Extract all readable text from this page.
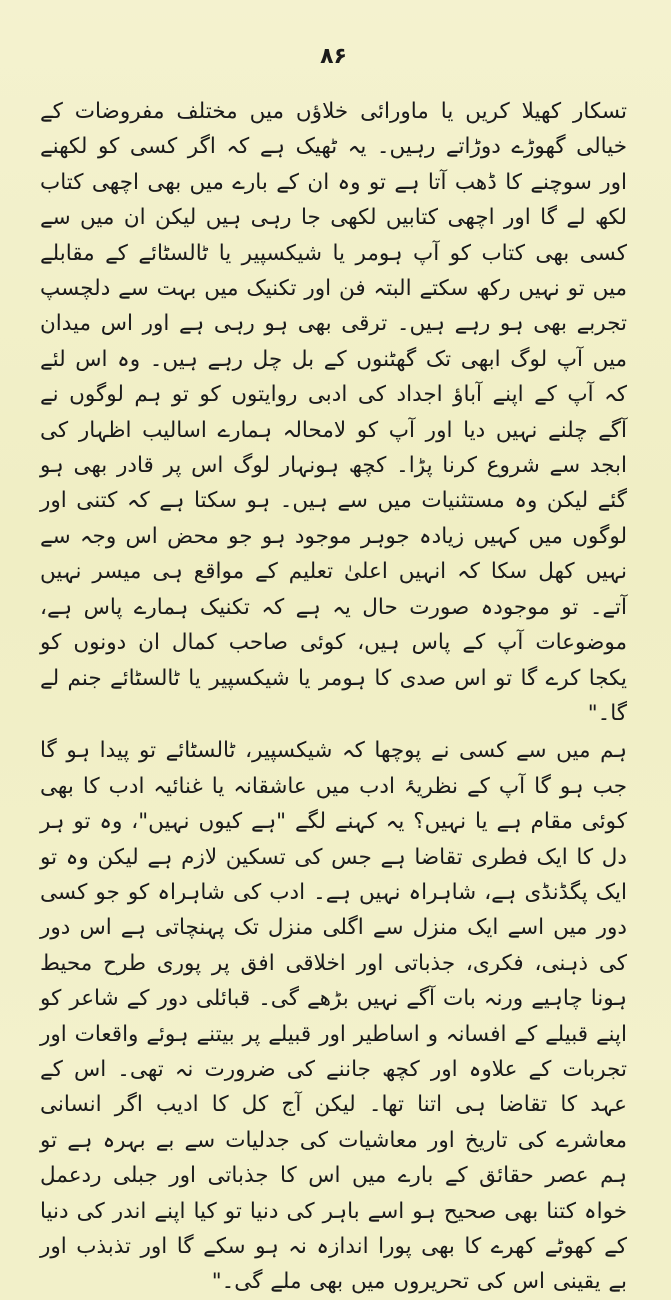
۸۶

تسکار کھیلا کریں یا ماورائی خلاؤں میں مختلف مفروضات کے خیالی گھوڑے دوڑاتے رہیں۔ یہ ٹھیک ہے کہ اگر کسی کو لکھنے اور سوچنے کا ڈھب آتا ہے تو وہ ان کے بارے میں بھی اچھی کتاب لکھ لے گا اور اچھی کتابیں لکھی جا رہی ہیں لیکن ان میں سے کسی بھی کتاب کو آپ ہومر یا شیکسپیر یا ٹالسٹائے کے مقابلے میں تو نہیں رکھ سکتے البتہ فن اور تکنیک میں بہت سے دلچسپ تجربے بھی ہو رہے ہیں۔ ترقی بھی ہو رہی ہے اور اس میدان میں آپ لوگ ابھی تک گھٹنوں کے بل چل رہے ہیں۔ وہ اس لئے کہ آپ کے اپنے آباؤ اجداد کی ادبی روایتوں کو تو ہم لوگوں نے آگے چلنے نہیں دیا اور آپ کو لامحالہ ہمارے اسالیب اظہار کی ابجد سے شروع کرنا پڑا۔ کچھ ہونہار لوگ اس پر قادر بھی ہو گئے لیکن وہ مستثنیات میں سے ہیں۔ ہو سکتا ہے کہ کتنی اور لوگوں میں کہیں زیادہ جوہر موجود ہو جو محض اس وجہ سے نہیں کھل سکا کہ انہیں اعلیٰ تعلیم کے مواقع ہی میسر نہیں آتے۔ تو موجودہ صورت حال یہ ہے کہ تکنیک ہمارے پاس ہے، موضوعات آپ کے پاس ہیں، کوئی صاحب کمال ان دونوں کو یکجا کرے گا تو اس صدی کا ہومر یا شیکسپیر یا ٹالسٹائے جنم لے گا۔"

ہم میں سے کسی نے پوچھا کہ شیکسپیر، ٹالسٹائے تو پیدا ہو گا جب ہو گا آپ کے نظریۂ ادب میں عاشقانہ یا غنائیہ ادب کا بھی کوئی مقام ہے یا نہیں؟ یہ کہنے لگے "ہے کیوں نہیں"، وہ تو ہر دل کا ایک فطری تقاضا ہے جس کی تسکین لازم ہے لیکن وہ تو ایک پگڈنڈی ہے، شاہراہ نہیں ہے۔ ادب کی شاہراہ کو جو کسی دور میں اسے ایک منزل سے اگلی منزل تک پہنچاتی ہے اس دور کی ذہنی، فکری، جذباتی اور اخلاقی افق پر پوری طرح محیط ہونا چاہیے ورنہ بات آگے نہیں بڑھے گی۔ قبائلی دور کے شاعر کو اپنے قبیلے کے افسانہ و اساطیر اور قبیلے پر بیتنے ہوئے واقعات اور تجربات کے علاوہ اور کچھ جاننے کی ضرورت نہ تھی۔ اس کے عہد کا تقاضا ہی اتنا تھا۔ لیکن آج کل کا ادیب اگر انسانی معاشرے کی تاریخ اور معاشیات کی جدلیات سے بے بہرہ ہے تو ہم عصر حقائق کے بارے میں اس کا جذباتی اور جبلی ردعمل خواہ کتنا بھی صحیح ہو اسے باہر کی دنیا تو کیا اپنے اندر کی دنیا کے کھوٹے کھرے کا بھی پورا اندازہ نہ ہو سکے گا اور تذبذب اور بے یقینی اس کی تحریروں میں بھی ملے گی۔"
